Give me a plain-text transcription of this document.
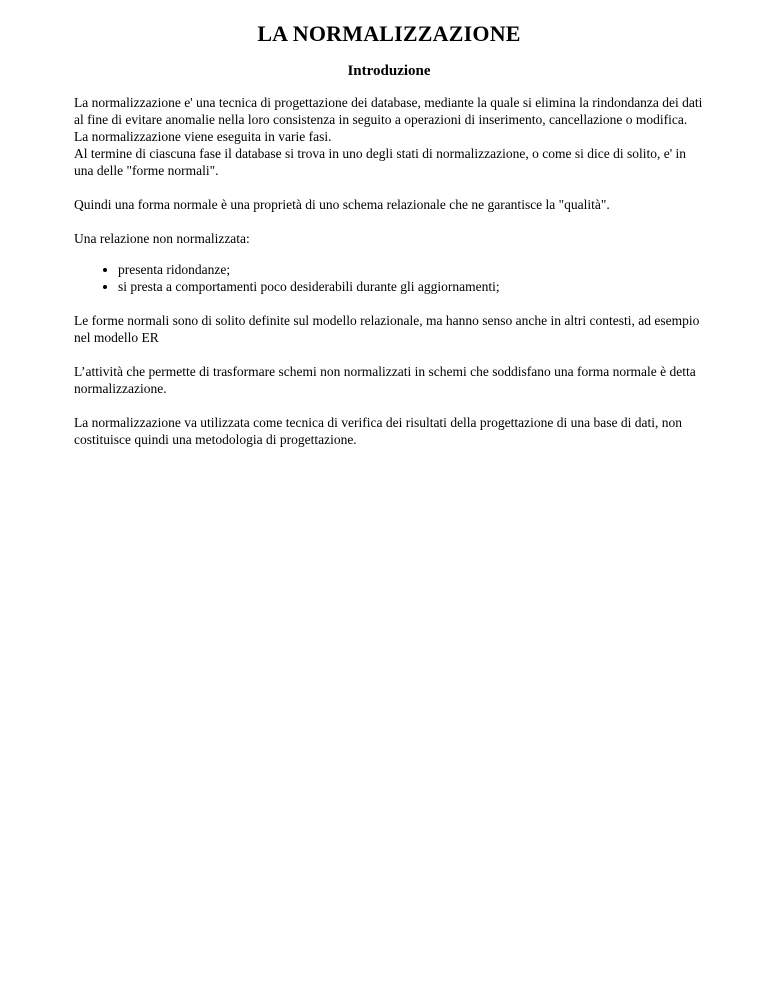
LA NORMALIZZAZIONE
Introduzione

La normalizzazione e' una tecnica di progettazione dei database, mediante la quale si elimina la rindondanza dei dati al fine di evitare anomalie nella loro consistenza in seguito a operazioni di inserimento, cancellazione o modifica.
La normalizzazione viene eseguita in varie fasi.
Al termine di ciascuna fase il database si trova in uno degli stati di normalizzazione, o come si dice di solito, e' in una delle "forme normali".

Quindi una forma normale è una proprietà di uno schema relazionale che ne garantisce la "qualità".

Una relazione non normalizzata:

• presenta ridondanze;
• si presta a comportamenti poco desiderabili durante gli aggiornamenti;

Le forme normali sono di solito definite sul modello relazionale, ma hanno senso anche in altri contesti, ad esempio nel modello ER

L’attività che permette di trasformare schemi non normalizzati in schemi che soddisfano una forma normale è detta normalizzazione.

La normalizzazione va utilizzata come tecnica di verifica dei risultati della progettazione di una base di dati, non costituisce quindi una metodologia di progettazione.
